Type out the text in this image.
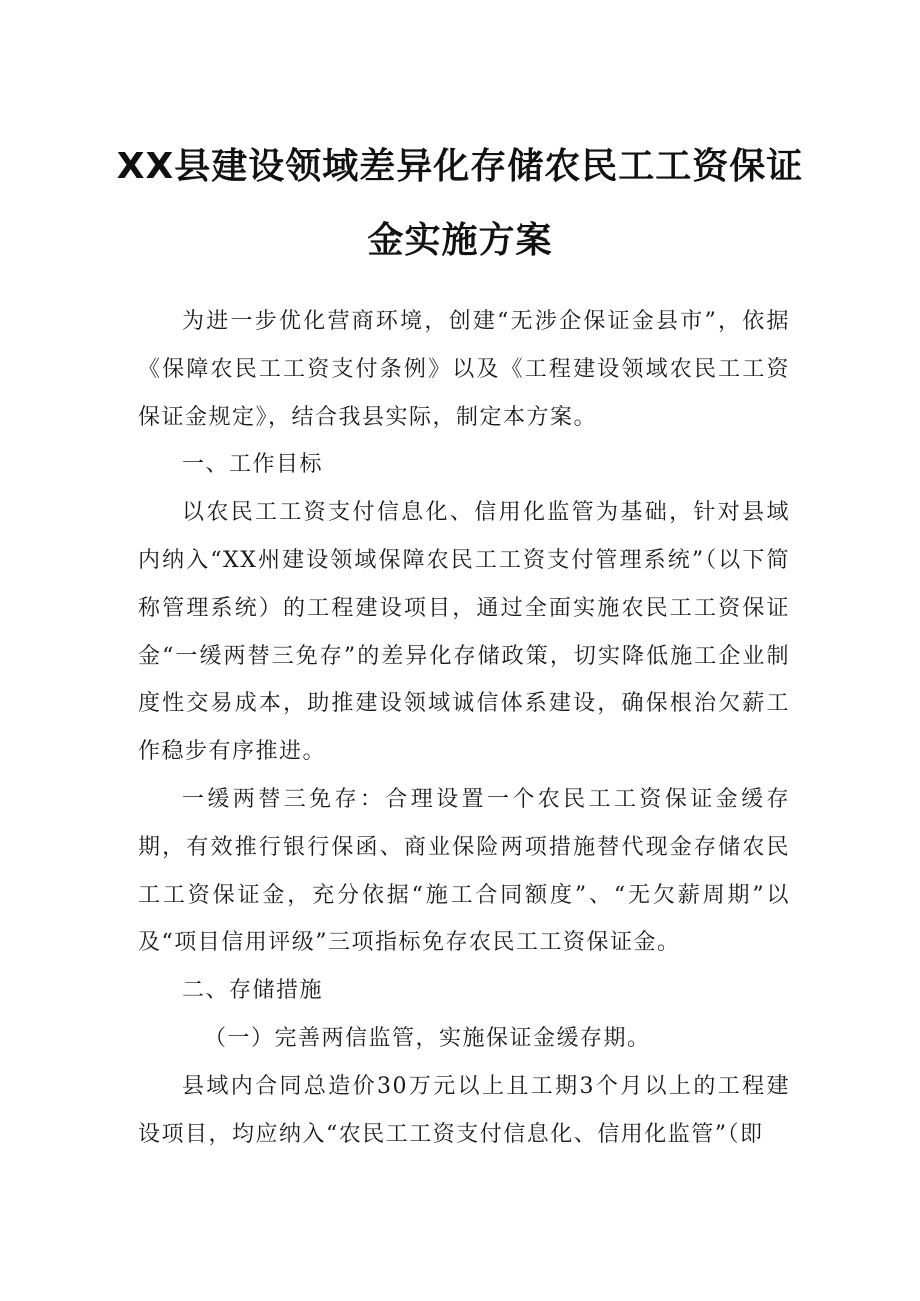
XX县建设领域差异化存储农民工工资保证
金实施方案

为进一步优化营商环境，创建“无涉企保证金县市”，依据《保障农民工工资支付条例》以及《工程建设领域农民工工资保证金规定》，结合我县实际，制定本方案。

一、工作目标

以农民工工资支付信息化、信用化监管为基础，针对县域内纳入“XX州建设领域保障农民工工资支付管理系统”（以下简称管理系统）的工程建设项目，通过全面实施农民工工资保证金“一缓两替三免存”的差异化存储政策，切实降低施工企业制度性交易成本，助推建设领域诚信体系建设，确保根治欠薪工作稳步有序推进。

一缓两替三免存：合理设置一个农民工工资保证金缓存期，有效推行银行保函、商业保险两项措施替代现金存储农民工工资保证金，充分依据“施工合同额度”、“无欠薪周期”以及“项目信用评级”三项指标免存农民工工资保证金。

二、存储措施

（一）完善两信监管，实施保证金缓存期。

县域内合同总造价30万元以上且工期3个月以上的工程建设项目，均应纳入“农民工工资支付信息化、信用化监管”（即
